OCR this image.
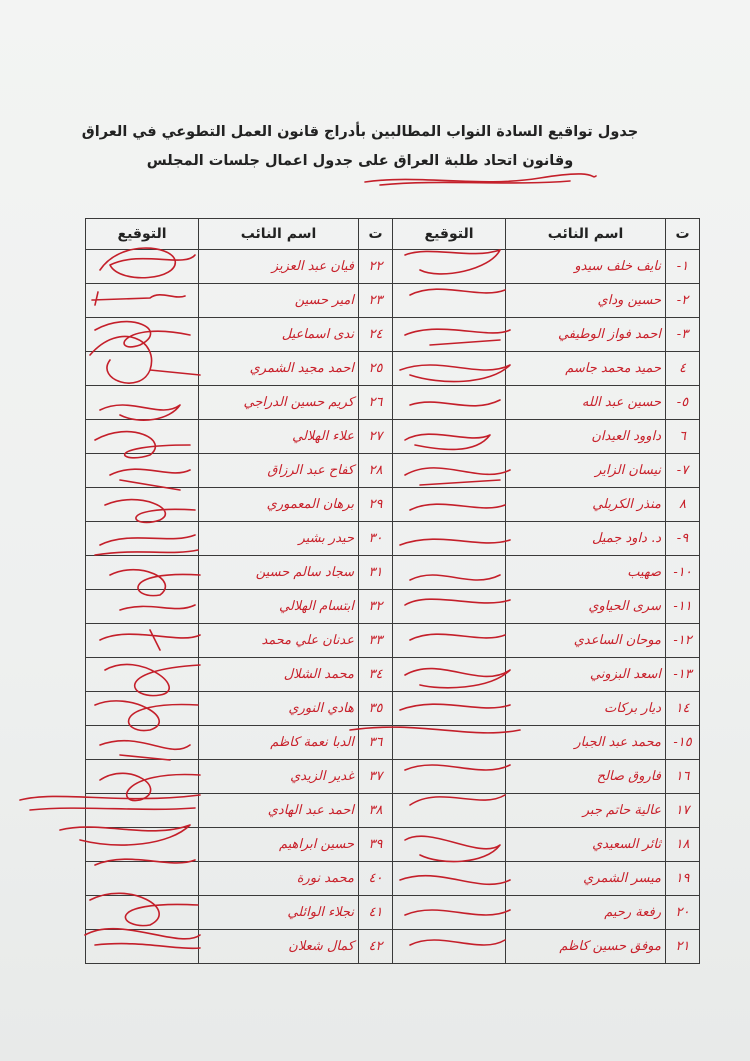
جدول تواقيع السادة النواب المطالبين بأدراج قانون العمل التطوعي في العراق
وقانون اتحاد طلبة العراق على جدول اعمال جلسات المجلس
ت	اسم النائب	التوقيع	ت	اسم النائب	التوقيع
١-	نايف خلف سيدو		٢٢	فيان عبد العزيز	
٢-	حسين وداي		٢٣	امير حسين	
٣-	احمد فواز الوطيفي		٢٤	ندى اسماعيل	
٤	حميد محمد جاسم		٢٥	احمد مجيد الشمري	
٥-	حسين عبد الله		٢٦	كريم حسين الدراجي	
٦	داوود العيدان		٢٧	علاء الهلالي	
٧-	نيسان الزاير		٢٨	كفاح عبد الرزاق	
٨	منذر الكربلي		٢٩	برهان المعموري	
٩-	د. داود جميل		٣٠	حيدر بشير	
١٠-	صهيب		٣١	سجاد سالم حسين	
١١-	سرى الحياوي		٣٢	ابتسام الهلالي	
١٢-	موحان الساعدي		٣٣	عدنان علي محمد	
١٣-	اسعد البزوني		٣٤	محمد الشلال	
١٤	ديار بركات		٣٥	هادي النوري	
١٥-	محمد عبد الجبار		٣٦	الدبا نعمة كاظم	
١٦	فاروق صالح		٣٧	غدير الزيدي	
١٧	عالية حاتم جبر		٣٨	احمد عبد الهادي	
١٨	ثائر السعيدي		٣٩	حسين ابراهيم	
١٩	ميسر الشمري		٤٠	محمد نورة	
٢٠	رفعة رحيم		٤١	نجلاء الوائلي	
٢١	موفق حسين كاظم		٤٢	كمال شعلان	
